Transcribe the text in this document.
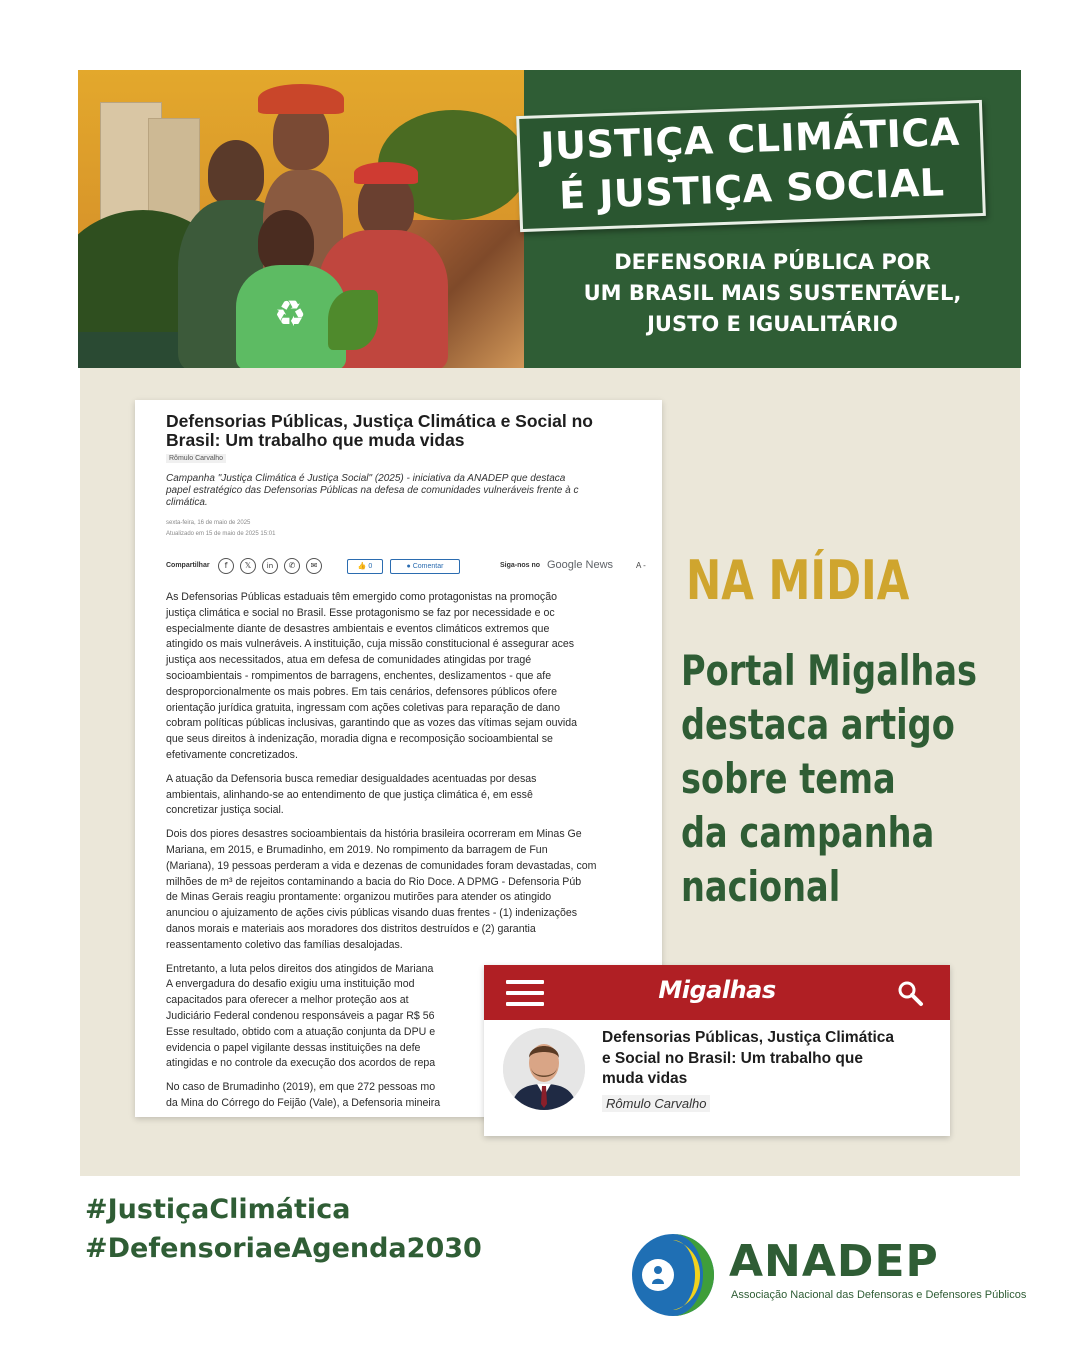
♻
JUSTIÇA CLIMÁTICA
É JUSTIÇA SOCIAL
DEFENSORIA PÚBLICA POR
UM BRASIL MAIS SUSTENTÁVEL,
JUSTO E IGUALITÁRIO
Defensorias Públicas, Justiça Climática e Social no Brasil: Um trabalho que muda vidas
Rômulo Carvalho
Campanha "Justiça Climática é Justiça Social" (2025) - iniciativa da ANADEP que destaca
papel estratégico das Defensorias Públicas na defesa de comunidades vulneráveis frente à c
climática.
sexta-feira, 16 de maio de 2025
Atualizado em 15 de maio de 2025 15:01
Compartilhar	f	𝕏	in	✆	✉	👍 0	● Comentar	Siga-nos no Google News	A -

As Defensorias Públicas estaduais têm emergido como protagonistas na promoção
justiça climática e social no Brasil. Esse protagonismo se faz por necessidade e oc
especialmente diante de desastres ambientais e eventos climáticos extremos que
atingido os mais vulneráveis. A instituição, cuja missão constitucional é assegurar aces
justiça aos necessitados, atua em defesa de comunidades atingidas por tragé
socioambientais - rompimentos de barragens, enchentes, deslizamentos - que afe
desproporcionalmente os mais pobres. Em tais cenários, defensores públicos ofere
orientação jurídica gratuita, ingressam com ações coletivas para reparação de dano
cobram políticas públicas inclusivas, garantindo que as vozes das vítimas sejam ouvida
que seus direitos à indenização, moradia digna e recomposição socioambiental se
efetivamente concretizados.

A atuação da Defensoria busca remediar desigualdades acentuadas por desas
ambientais, alinhando-se ao entendimento de que justiça climática é, em essê
concretizar justiça social.

Dois dos piores desastres socioambientais da história brasileira ocorreram em Minas Ge
Mariana, em 2015, e Brumadinho, em 2019. No rompimento da barragem de Fun
(Mariana), 19 pessoas perderam a vida e dezenas de comunidades foram devastadas, com
milhões de m³ de rejeitos contaminando a bacia do Rio Doce. A DPMG - Defensoria Púb
de Minas Gerais reagiu prontamente: organizou mutirões para atender os atingido
anunciou o ajuizamento de ações civis públicas visando duas frentes - (1) indenizações
danos morais e materiais aos moradores dos distritos destruídos e (2) garantia
reassentamento coletivo das famílias desalojadas.

Entretanto, a luta pelos direitos dos atingidos de Mariana
A envergadura do desafio exigiu uma instituição mod
capacitados para oferecer a melhor proteção aos at
Judiciário Federal condenou responsáveis a pagar R$ 56
Esse resultado, obtido com a atuação conjunta da DPU e
evidencia o papel vigilante dessas instituições na defe
atingidas e no controle da execução dos acordos de repa

No caso de Brumadinho (2019), em que 272 pessoas mo
da Mina do Córrego do Feijão (Vale), a Defensoria mineira

NA MÍDIA
Portal Migalhas
destaca artigo
sobre tema
da campanha
nacional
Migalhas
Defensorias Públicas, Justiça Climática e Social no Brasil: Um trabalho que muda vidas
Rômulo Carvalho
#JustiçaClimática
#DefensoriaeAgenda2030	ANADEP
Associação Nacional das Defensoras e Defensores Públicos
